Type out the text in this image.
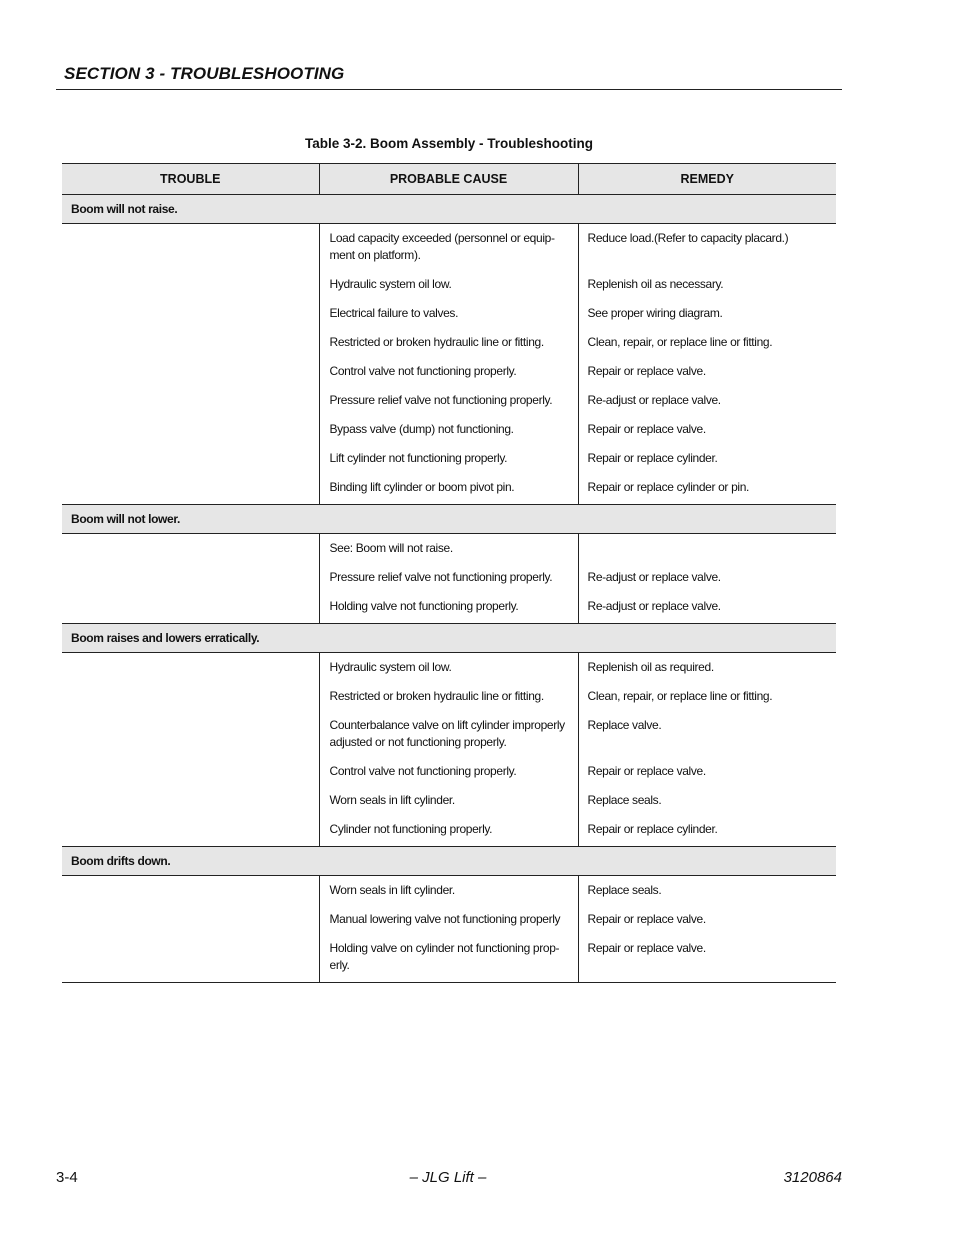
SECTION 3 - TROUBLESHOOTING
Table 3-2. Boom Assembly - Troubleshooting
TROUBLE	PROBABLE CAUSE	REMEDY
Boom will not raise.		
	Load capacity exceeded (personnel or equip-
ment on platform).	Reduce load.(Refer to capacity placard.)
	Hydraulic system oil low.	Replenish oil as necessary.
	Electrical failure to valves.	See proper wiring diagram.
	Restricted or broken hydraulic line or fitting.	Clean, repair, or replace line or fitting.
	Control valve not functioning properly.	Repair or replace valve.
	Pressure relief valve not functioning properly.	Re-adjust or replace valve.
	Bypass valve (dump) not functioning.	Repair or replace valve.
	Lift cylinder not functioning properly.	Repair or replace cylinder.
	Binding lift cylinder or boom pivot pin.	Repair or replace cylinder or pin.
Boom will not lower.		
	See: Boom will not raise.	
	Pressure relief valve not functioning properly.	Re-adjust or replace valve.
	Holding valve not functioning properly.	Re-adjust or replace valve.
Boom raises and lowers erratically.		
	Hydraulic system oil low.	Replenish oil as required.
	Restricted or broken hydraulic line or fitting.	Clean, repair, or replace line or fitting.
	Counterbalance valve on lift cylinder improperly
adjusted or not functioning properly.	Replace valve.
	Control valve not functioning properly.	Repair or replace valve.
	Worn seals in lift cylinder.	Replace seals.
	Cylinder not functioning properly.	Repair or replace cylinder.
Boom drifts down.		
	Worn seals in lift cylinder.	Replace seals.
	Manual lowering valve not functioning properly	Repair or replace valve.
	Holding valve on cylinder not functioning prop-
erly.	Repair or replace valve.
3-4	– JLG Lift –	3120864
